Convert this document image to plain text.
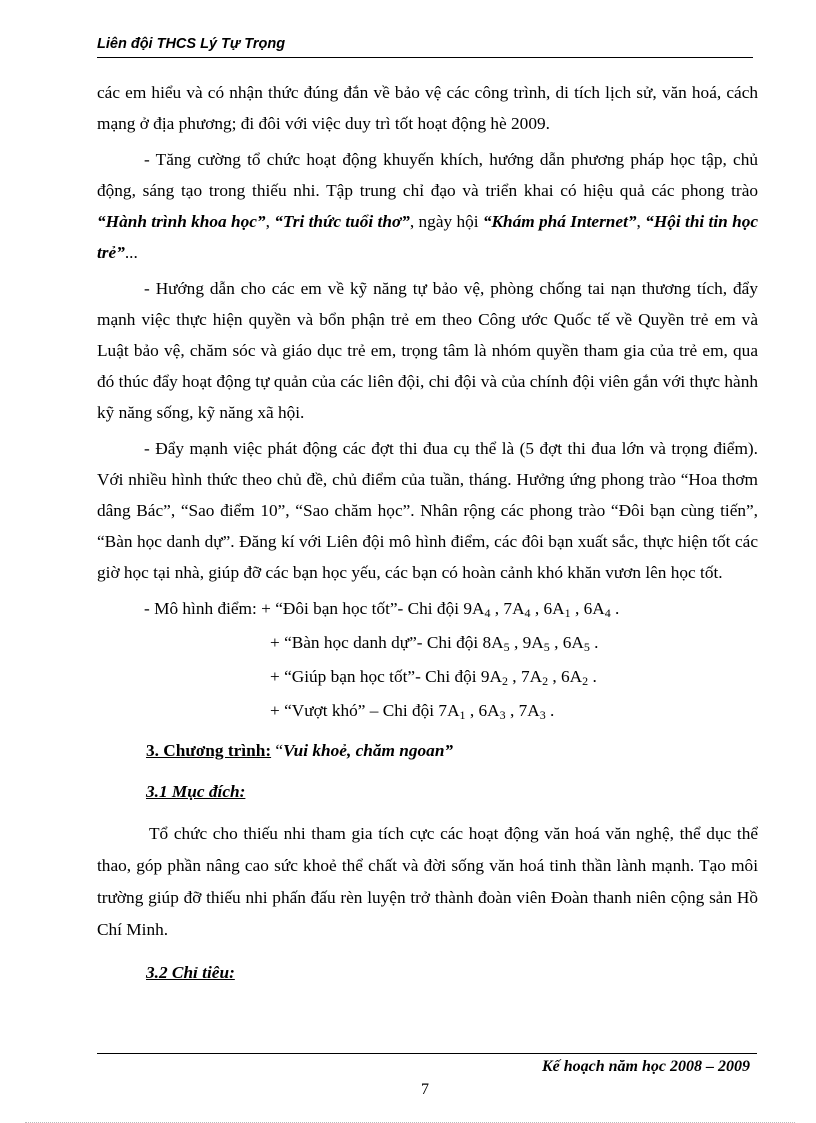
Liên đội THCS Lý Tự Trọng

các em hiểu và có nhận thức đúng đắn về bảo vệ các công trình, di tích lịch sử, văn hoá, cách mạng ở địa phương; đi đôi với việc duy trì tốt hoạt động hè 2009.

- Tăng cường tổ chức hoạt động khuyến khích, hướng dẫn phương pháp học tập, chủ động, sáng tạo trong thiếu nhi. Tập trung chỉ đạo và triển khai có hiệu quả các phong trào “Hành trình khoa học”, “Tri thức tuổi thơ”, ngày hội “Khám phá Internet”, “Hội thi tin học trẻ”...

- Hướng dẫn cho các em về kỹ năng tự bảo vệ, phòng chống tai nạn thương tích, đẩy mạnh việc thực hiện quyền và bổn phận trẻ em theo Công ước Quốc tế về Quyền trẻ em và Luật bảo vệ, chăm sóc và giáo dục trẻ em, trọng tâm là nhóm quyền tham gia của trẻ em, qua đó thúc đẩy hoạt động tự quản của các liên đội, chi đội và của chính đội viên gắn với thực hành kỹ năng sống, kỹ năng xã hội.

- Đẩy mạnh việc phát động các đợt thi đua cụ thể là (5 đợt thi đua lớn và trọng điểm). Với nhiều hình thức theo chủ đề, chủ điểm của tuần, tháng. Hưởng ứng phong trào “Hoa thơm dâng Bác”, “Sao điểm 10”, “Sao chăm học”. Nhân rộng các phong trào “Đôi bạn cùng tiến”, “Bàn học danh dự”. Đăng kí với Liên đội mô hình điểm, các đôi bạn xuất sắc, thực hiện tốt các giờ học tại nhà, giúp đỡ các bạn học yếu, các bạn có hoàn cảnh khó khăn vươn lên học tốt.

- Mô hình điểm: + “Đôi bạn học tốt”- Chi đội $9A_4$ , $7A_4$ , $6A_1$ , $6A_4$ .
+ “Bàn học danh dự”- Chi đội $8A_5$ , $9A_5$ , $6A_5$ .
+ “Giúp bạn học tốt”- Chi đội $9A_2$ , $7A_2$ , $6A_2$ .
+ “Vượt khó” – Chi đội $7A_1$ , $6A_3$ , $7A_3$ .

3. Chương trình: “Vui khoẻ, chăm ngoan”

3.1 Mục đích:

Tổ chức cho thiếu nhi tham gia tích cực các hoạt động văn hoá văn nghệ, thể dục thể thao, góp phần nâng cao sức khoẻ thể chất và đời sống văn hoá tinh thần lành mạnh. Tạo môi trường giúp đỡ thiếu nhi phấn đấu rèn luyện trở thành đoàn viên Đoàn thanh niên cộng sản Hồ Chí Minh.

3.2 Chỉ tiêu:

Kế hoạch năm học 2008 – 2009
7
